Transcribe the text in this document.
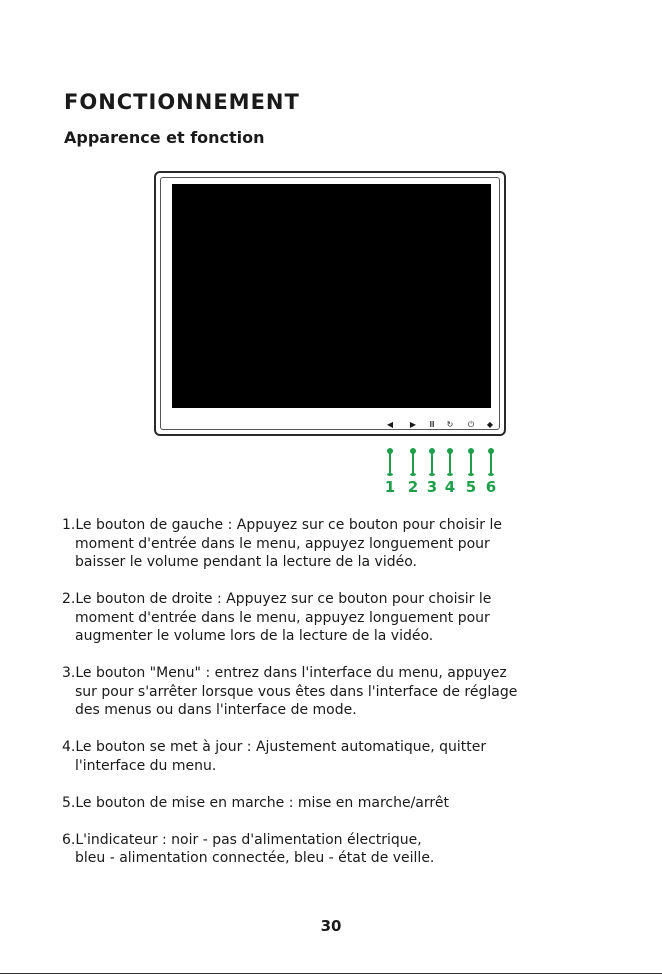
FONCTIONNEMENT
Apparence et fonction
◀	▶	Ⅲ	↻	⏻	◆
1 2 3 4 5 6
1.Le bouton de gauche : Appuyez sur ce bouton pour choisir le
moment d'entrée dans le menu, appuyez longuement pour
baisser le volume pendant la lecture de la vidéo.
2.Le bouton de droite : Appuyez sur ce bouton pour choisir le
moment d'entrée dans le menu, appuyez longuement pour
augmenter le volume lors de la lecture de la vidéo.
3.Le bouton "Menu" : entrez dans l'interface du menu, appuyez
sur pour s'arrêter lorsque vous êtes dans l'interface de réglage
des menus ou dans l'interface de mode.
4.Le bouton se met à jour : Ajustement automatique, quitter
l'interface du menu.
5.Le bouton de mise en marche : mise en marche/arrêt
6.L'indicateur : noir - pas d'alimentation électrique,
bleu - alimentation connectée, bleu - état de veille.
30
